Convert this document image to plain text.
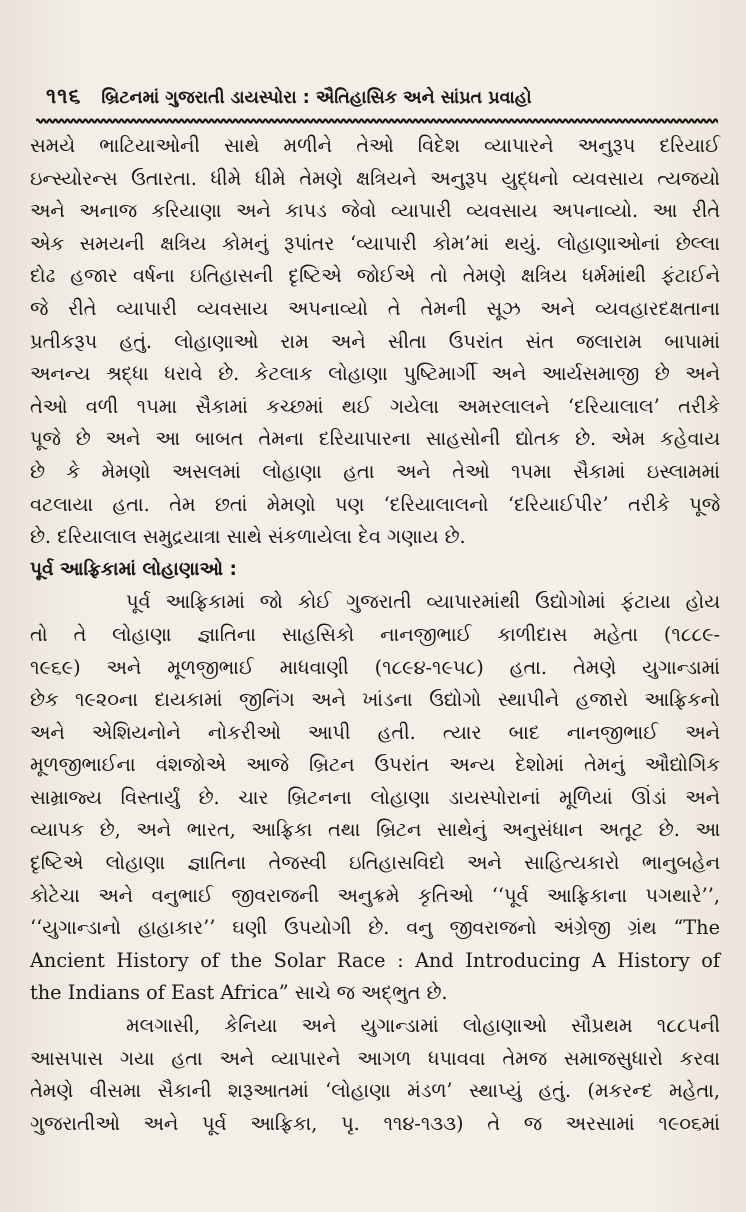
૧૧૬ બ્રિટનમાં ગુજરાતી ડાયસ્પોરા : ઐતિહાસિક અને સાંપ્રત પ્રવાહો
સમયે ભાટિયાઓની સાથે મળીને તેઓ વિદેશ વ્યાપારને અનુરૂપ દરિયાઈ
ઇન્સ્યોરન્સ ઉતારતા. ધીમે ધીમે તેમણે ક્ષત્રિયને અનુરૂપ યુદ્ધનો વ્યવસાય ત્યજયો
અને અનાજ કરિયાણા અને કાપડ જેવો વ્યાપારી વ્યવસાય અપનાવ્યો. આ રીતે
એક સમયની ક્ષત્રિય કોમનું રૂપાંતર ‘વ્યાપારી કોમ’માં થયું. લોહાણાઓનાં છેલ્લા
દોઢ હજાર વર્ષના ઇતિહાસની દૃષ્ટિએ જોઈએ તો તેમણે ક્ષત્રિય ધર્મમાંથી ફંટાઈને
જે રીતે વ્યાપારી વ્યવસાય અપનાવ્યો તે તેમની સૂઝ અને વ્યવહારદક્ષતાના
પ્રતીકરૂપ હતું. લોહાણાઓ રામ અને સીતા ઉપરાંત સંત જલારામ બાપામાં
અનન્ય શ્રદ્ધા ધરાવે છે. કેટલાક લોહાણા પુષ્ટિમાર્ગી અને આર્યસમાજી છે અને
તેઓ વળી ૧૫મા સૈકામાં કચ્છમાં થઈ ગયેલા અમરલાલને ‘દરિયાલાલ’ તરીકે
પૂજે છે અને આ બાબત તેમના દરિયાપારના સાહસોની દ્યોતક છે. એમ કહેવાય
છે કે મેમણો અસલમાં લોહાણા હતા અને તેઓ ૧૫મા સૈકામાં ઇસ્લામમાં
વટલાયા હતા. તેમ છતાં મેમણો પણ ‘દરિયાલાલનો ‘દરિયાઈપીર’ તરીકે પૂજે
છે. દરિયાલાલ સમુદ્રયાત્રા સાથે સંકળાયેલા દેવ ગણાય છે.
પૂર્વ આફ્રિકામાં લોહાણાઓ :
પૂર્વ આફ્રિકામાં જો કોઈ ગુજરાતી વ્યાપારમાંથી ઉદ્યોગોમાં ફંટાયા હોય
તો તે લોહાણા જ્ઞાતિના સાહસિકો નાનજીભાઈ કાળીદાસ મહેતા (૧૮૮૯-
૧૯૬૯) અને મૂળજીભાઈ માધવાણી (૧૮૯૪-૧૯૫૮) હતા. તેમણે યુગાન્ડામાં
છેક ૧૯૨૦ના દાયકામાં જીનિંગ અને ખાંડના ઉદ્યોગો સ્થાપીને હજારો આફ્રિકનો
અને એશિયનોને નોકરીઓ આપી હતી. ત્યાર બાદ નાનજીભાઈ અને
મૂળજીભાઈના વંશજોએ આજે બ્રિટન ઉપરાંત અન્ય દેશોમાં તેમનું ઔદ્યોગિક
સામ્રાજ્ય વિસ્તાર્યું છે. ચાર બ્રિટનના લોહાણા ડાયસ્પોરાનાં મૂળિયાં ઊંડાં અને
વ્યાપક છે, અને ભારત, આફ્રિકા તથા બ્રિટન સાથેનું અનુસંધાન અતૂટ છે. આ
દૃષ્ટિએ લોહાણા જ્ઞાતિના તેજસ્વી ઇતિહાસવિદો અને સાહિત્યકારો ભાનુબહેન
કોટેચા અને વનુભાઈ જીવરાજની અનુક્રમે કૃતિઓ ‘‘પૂર્વ આફ્રિકાના પગથારે’’,
‘‘યુગાન્ડાનો હાહાકાર’’ ઘણી ઉપયોગી છે. વનુ જીવરાજનો અંગ્રેજી ગ્રંથ “The
Ancient History of the Solar Race : And Introducing A History of
the Indians of East Africa” સાચે જ અદ્ભુત છે.
મલગાસી, કેનિયા અને યુગાન્ડામાં લોહાણાઓ સૌપ્રથમ ૧૮૮૫ની
આસપાસ ગયા હતા અને વ્યાપારને આગળ ધપાવવા તેમજ સમાજસુધારો કરવા
તેમણે વીસમા સૈકાની શરૂઆતમાં ‘લોહાણા મંડળ’ સ્થાપ્યું હતું. (મકરન્દ મહેતા,
ગુજરાતીઓ અને પૂર્વ આફ્રિકા, પૃ. ૧૧૪-૧૩૩) તે જ અરસામાં ૧૯૦૬માં
